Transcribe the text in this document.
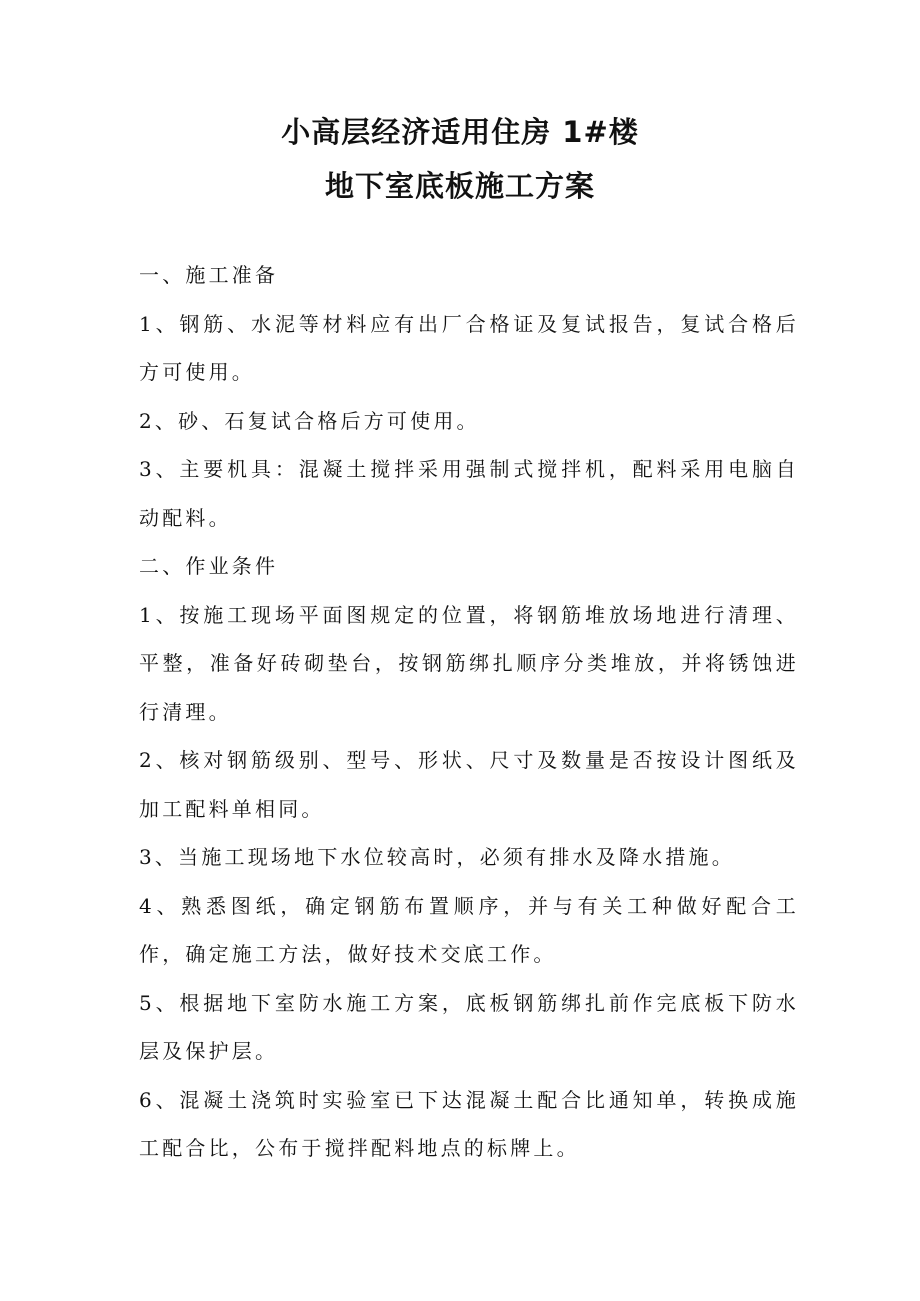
小高层经济适用住房 1#楼
地下室底板施工方案

一、施工准备

1、钢筋、水泥等材料应有出厂合格证及复试报告，复试合格后方可使用。

2、砂、石复试合格后方可使用。

3、主要机具：混凝土搅拌采用强制式搅拌机，配料采用电脑自动配料。

二、作业条件

1、按施工现场平面图规定的位置，将钢筋堆放场地进行清理、平整，准备好砖砌垫台，按钢筋绑扎顺序分类堆放，并将锈蚀进行清理。

2、核对钢筋级别、型号、形状、尺寸及数量是否按设计图纸及加工配料单相同。

3、当施工现场地下水位较高时，必须有排水及降水措施。

4、熟悉图纸，确定钢筋布置顺序，并与有关工种做好配合工作，确定施工方法，做好技术交底工作。

5、根据地下室防水施工方案，底板钢筋绑扎前作完底板下防水层及保护层。

6、混凝土浇筑时实验室已下达混凝土配合比通知单，转换成施工配合比，公布于搅拌配料地点的标牌上。
